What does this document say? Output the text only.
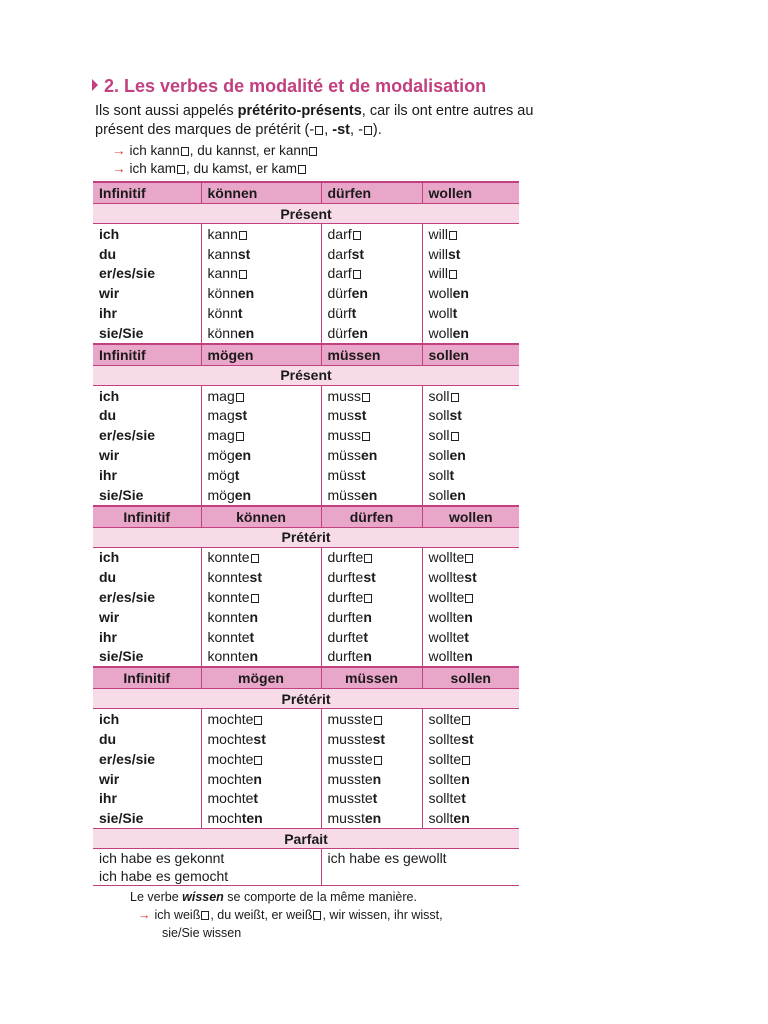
2. Les verbes de modalité et de modalisation
Ils sont aussi appelés prétérito-présents, car ils ont entre autres au
présent des marques de prétérit (- , -st, - ).
→ ich kann , du kannst, er kann
→ ich kam , du kamst, er kam
Infinitif	können	dürfen	wollen
Présent			
ich	kann	darf	will
du	kannst	darfst	willst
er/es/sie	kann	darf	will
wir	können	dürfen	wollen
ihr	könnt	dürft	wollt
sie/Sie	können	dürfen	wollen
Infinitif	mögen	müssen	sollen
Présent			
ich	mag	muss	soll
du	magst	musst	sollst
er/es/sie	mag	muss	soll
wir	mögen	müssen	sollen
ihr	mögt	müsst	sollt
sie/Sie	mögen	müssen	sollen
Infinitif	können	dürfen	wollen
Prétérit			
ich	konnte	durfte	wollte
du	konntest	durftest	wolltest
er/es/sie	konnte	durfte	wollte
wir	konnten	durften	wollten
ihr	konntet	durftet	wolltet
sie/Sie	konnten	durften	wollten
Infinitif	mögen	müssen	sollen
Prétérit			
ich	mochte	musste	sollte
du	mochtest	musstest	solltest
er/es/sie	mochte	musste	sollte
wir	mochten	mussten	sollten
ihr	mochtet	musstet	solltet
sie/Sie	mochten	mussten	sollten
Parfait			
ich habe es gekonnt		ich habe es gewollt	
ich habe es gemocht			
Le verbe wissen se comporte de la même manière.
→ ich weiß , du weißt, er weiß , wir wissen, ihr wisst,
sie/Sie wissen
